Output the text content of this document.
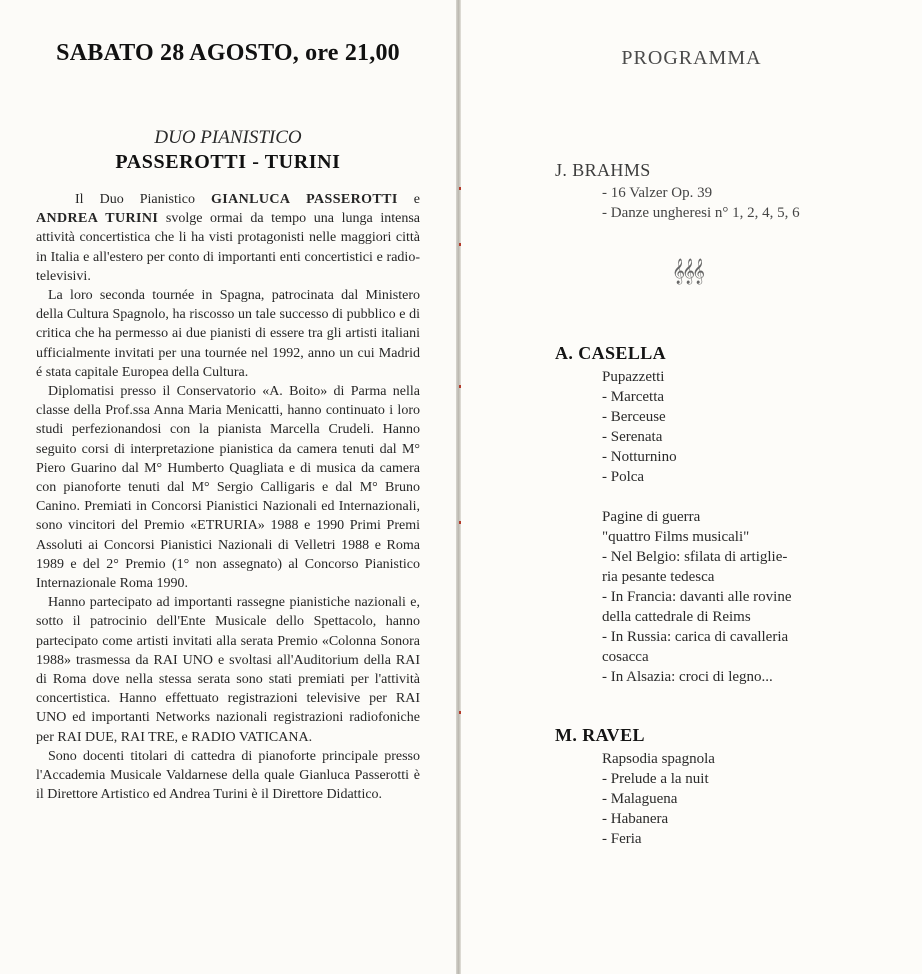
SABATO 28 AGOSTO, ore 21,00
DUO PIANISTICO
PASSEROTTI - TURINI

Il Duo Pianistico GIANLUCA PASSEROTTI e ANDREA TURINI svolge ormai da tempo una lunga intensa attività concertistica che li ha visti protagonisti nelle maggiori città in Italia e all'estero per conto di importanti enti concertistici e radio-televisivi.

La loro seconda tournée in Spagna, patrocinata dal Ministero della Cultura Spagnolo, ha riscosso un tale successo di pubblico e di critica che ha permesso ai due pianisti di essere tra gli artisti italiani ufficialmente invitati per una tournée nel 1992, anno un cui Madrid é stata capitale Europea della Cultura.

Diplomatisi presso il Conservatorio «A. Boito» di Parma nella classe della Prof.ssa Anna Maria Menicatti, hanno continuato i loro studi perfezionandosi con la pianista Marcella Crudeli. Hanno seguito corsi di interpretazione pianistica da camera tenuti dal M° Piero Guarino dal M° Humberto Quagliata e di musica da camera con pianoforte tenuti dal M° Sergio Calligaris e dal M° Bruno Canino. Premiati in Concorsi Pianistici Nazionali ed Internazionali, sono vincitori del Premio «ETRURIA» 1988 e 1990 Primi Premi Assoluti ai Concorsi Pianistici Nazionali di Velletri 1988 e Roma 1989 e del 2° Premio (1° non assegnato) al Concorso Pianistico Internazionale Roma 1990.

Hanno partecipato ad importanti rassegne pianistiche nazionali e, sotto il patrocinio dell'Ente Musicale dello Spettacolo, hanno partecipato come artisti invitati alla serata Premio «Colonna Sonora 1988» trasmessa da RAI UNO e svoltasi all'Auditorium della RAI di Roma dove nella stessa serata sono stati premiati per l'attività concertistica. Hanno effettuato registrazioni televisive per RAI UNO ed importanti Networks nazionali registrazioni radiofoniche per RAI DUE, RAI TRE, e RADIO VATICANA.

Sono docenti titolari di cattedra di pianoforte principale presso l'Accademia Musicale Valdarnese della quale Gianluca Passerotti è il Direttore Artistico ed Andrea Turini è il Direttore Didattico.

PROGRAMMA
J. BRAHMS
- 16 Valzer Op. 39
- Danze ungheresi n° 1, 2, 4, 5, 6
𝄞𝄞𝄞
A. CASELLA
Pupazzetti
- Marcetta
- Berceuse
- Serenata
- Notturnino
- Polca
Pagine di guerra
"quattro Films musicali"
- Nel Belgio: sfilata di artiglie-
ria pesante tedesca
- In Francia: davanti alle rovine
della cattedrale di Reims
- In Russia: carica di cavalleria
cosacca
- In Alsazia: croci di legno...
M. RAVEL
Rapsodia spagnola
- Prelude a la nuit
- Malaguena
- Habanera
- Feria
